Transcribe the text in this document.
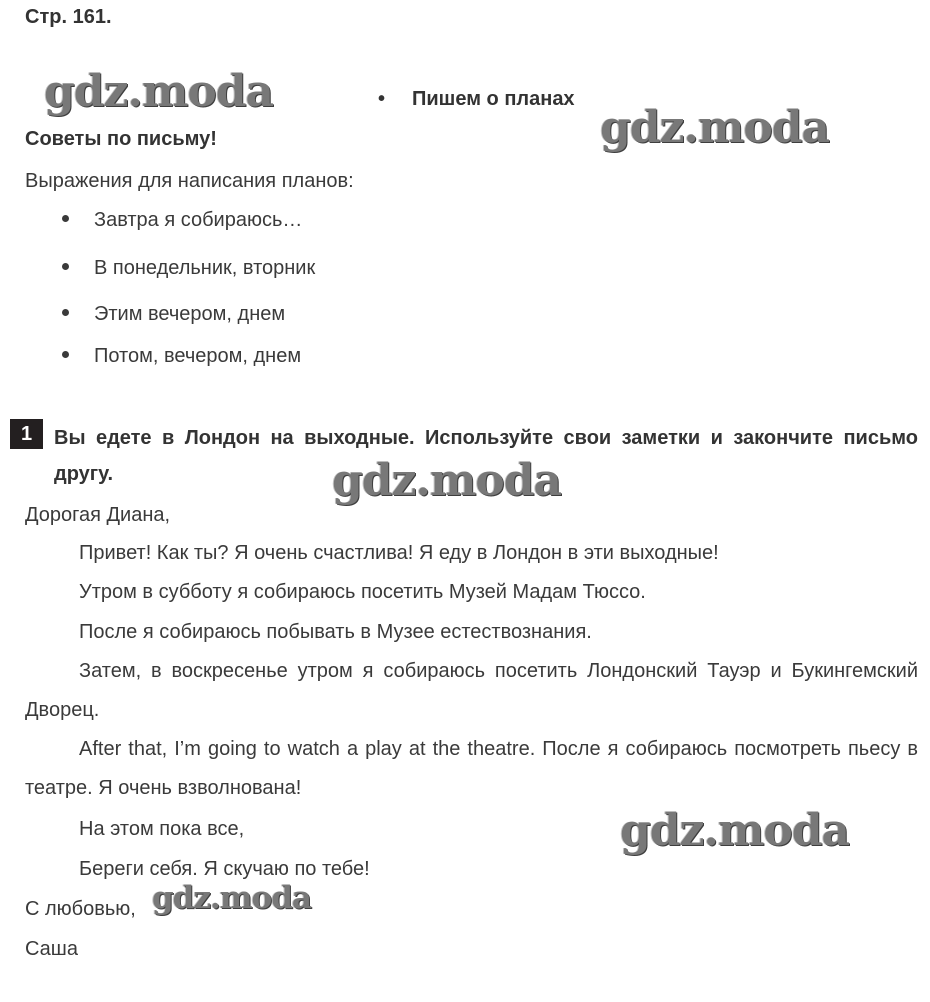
Стр. 161.
• Пишем о планах
Советы по письму!
Выражения для написания планов:
Завтра я собираюсь…
В понедельник, вторник
Этим вечером, днем
Потом, вечером, днем
1	Вы едете в Лондон на выходные. Используйте свои заметки и закончите письмо другу.
Дорогая Диана,
Привет! Как ты? Я очень счастлива! Я еду в Лондон в эти выходные!
Утром в субботу я собираюсь посетить Музей Мадам Тюссо.
После я собираюсь побывать в Музее естествознания.
Затем, в воскресенье утром я собираюсь посетить Лондонский Тауэр и Букингемский Дворец.
After that, I’m going to watch a play at the theatre. После я собираюсь посмотреть пьесу в театре. Я очень взволнована!
На этом пока все,
Береги себя. Я скучаю по тебе!
С любовью,
Саша
gdz.moda
gdz.moda
gdz.moda
gdz.moda
gdz.moda
